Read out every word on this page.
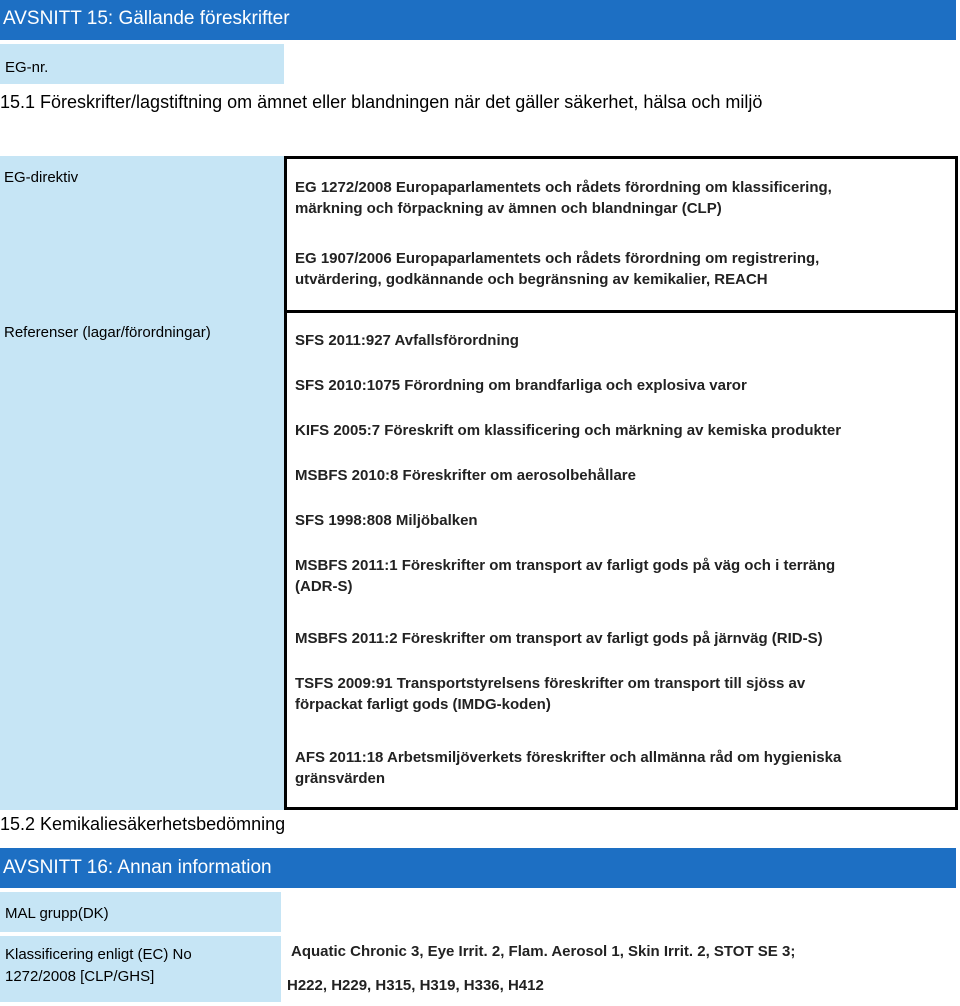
AVSNITT 15: Gällande föreskrifter
EG-nr.
15.1 Föreskrifter/lagstiftning om ämnet eller blandningen när det gäller säkerhet, hälsa och miljö
EG-direktiv
Referenser (lagar/förordningar)
EG 1272/2008 Europaparlamentets och rådets förordning om klassificering,
märkning och förpackning av ämnen och blandningar (CLP)
EG 1907/2006 Europaparlamentets och rådets förordning om registrering,
utvärdering, godkännande och begränsning av kemikalier, REACH
SFS 2011:927 Avfallsförordning
SFS 2010:1075 Förordning om brandfarliga och explosiva varor
KIFS 2005:7 Föreskrift om klassificering och märkning av kemiska produkter
MSBFS 2010:8 Föreskrifter om aerosolbehållare
SFS 1998:808 Miljöbalken
MSBFS 2011:1 Föreskrifter om transport av farligt gods på väg och i terräng
(ADR-S)
MSBFS 2011:2 Föreskrifter om transport av farligt gods på järnväg (RID-S)
TSFS 2009:91 Transportstyrelsens föreskrifter om transport till sjöss av
förpackat farligt gods (IMDG-koden)
AFS 2011:18 Arbetsmiljöverkets föreskrifter och allmänna råd om hygieniska
gränsvärden
15.2 Kemikaliesäkerhetsbedömning
AVSNITT 16: Annan information
MAL grupp(DK)
Klassificering enligt (EC) No
1272/2008 [CLP/GHS]
Aquatic Chronic 3, Eye Irrit. 2, Flam. Aerosol 1, Skin Irrit. 2, STOT SE 3;
H222, H229, H315, H319, H336, H412
